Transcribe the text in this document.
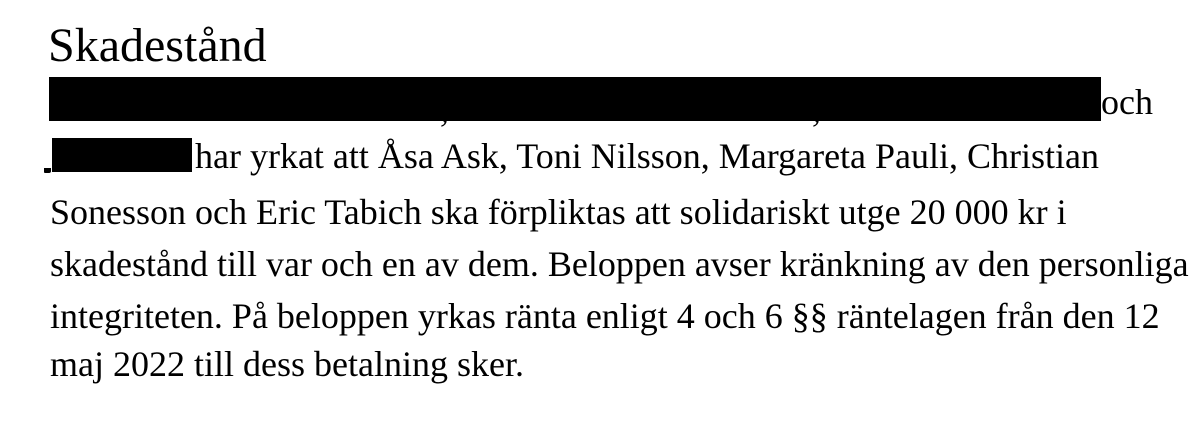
Skadestånd
och
har yrkat att Åsa Ask, Toni Nilsson, Margareta Pauli, Christian
Sonesson och Eric Tabich ska förpliktas att solidariskt utge 20 000 kr i
skadestånd till var och en av dem. Beloppen avser kränkning av den personliga
integriteten. På beloppen yrkas ränta enligt 4 och 6 §§ räntelagen från den 12
maj 2022 till dess betalning sker.
